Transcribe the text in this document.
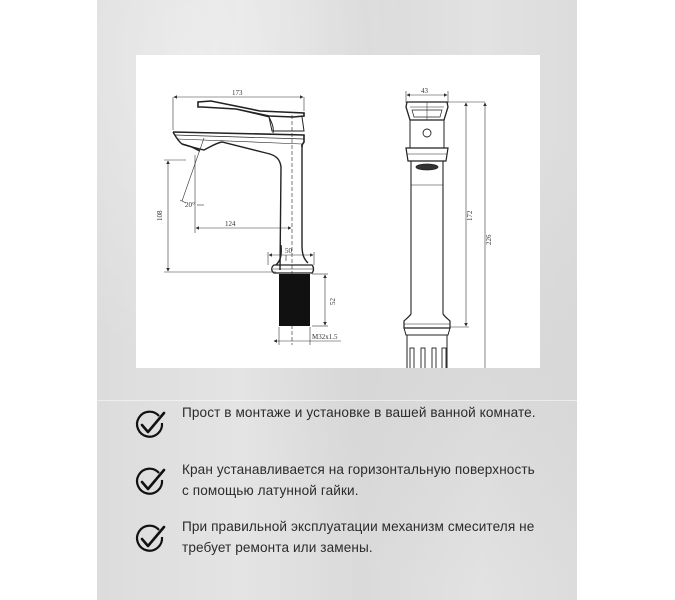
173
124
108
20°
50
52
M32x1.5
43
172
226
Прост в монтаже и установке в вашей ванной комнате.
Кран устанавливается на горизонтальную поверхность с помощью латунной гайки.
При правильной эксплуатации механизм смесителя не требует ремонта или замены.
